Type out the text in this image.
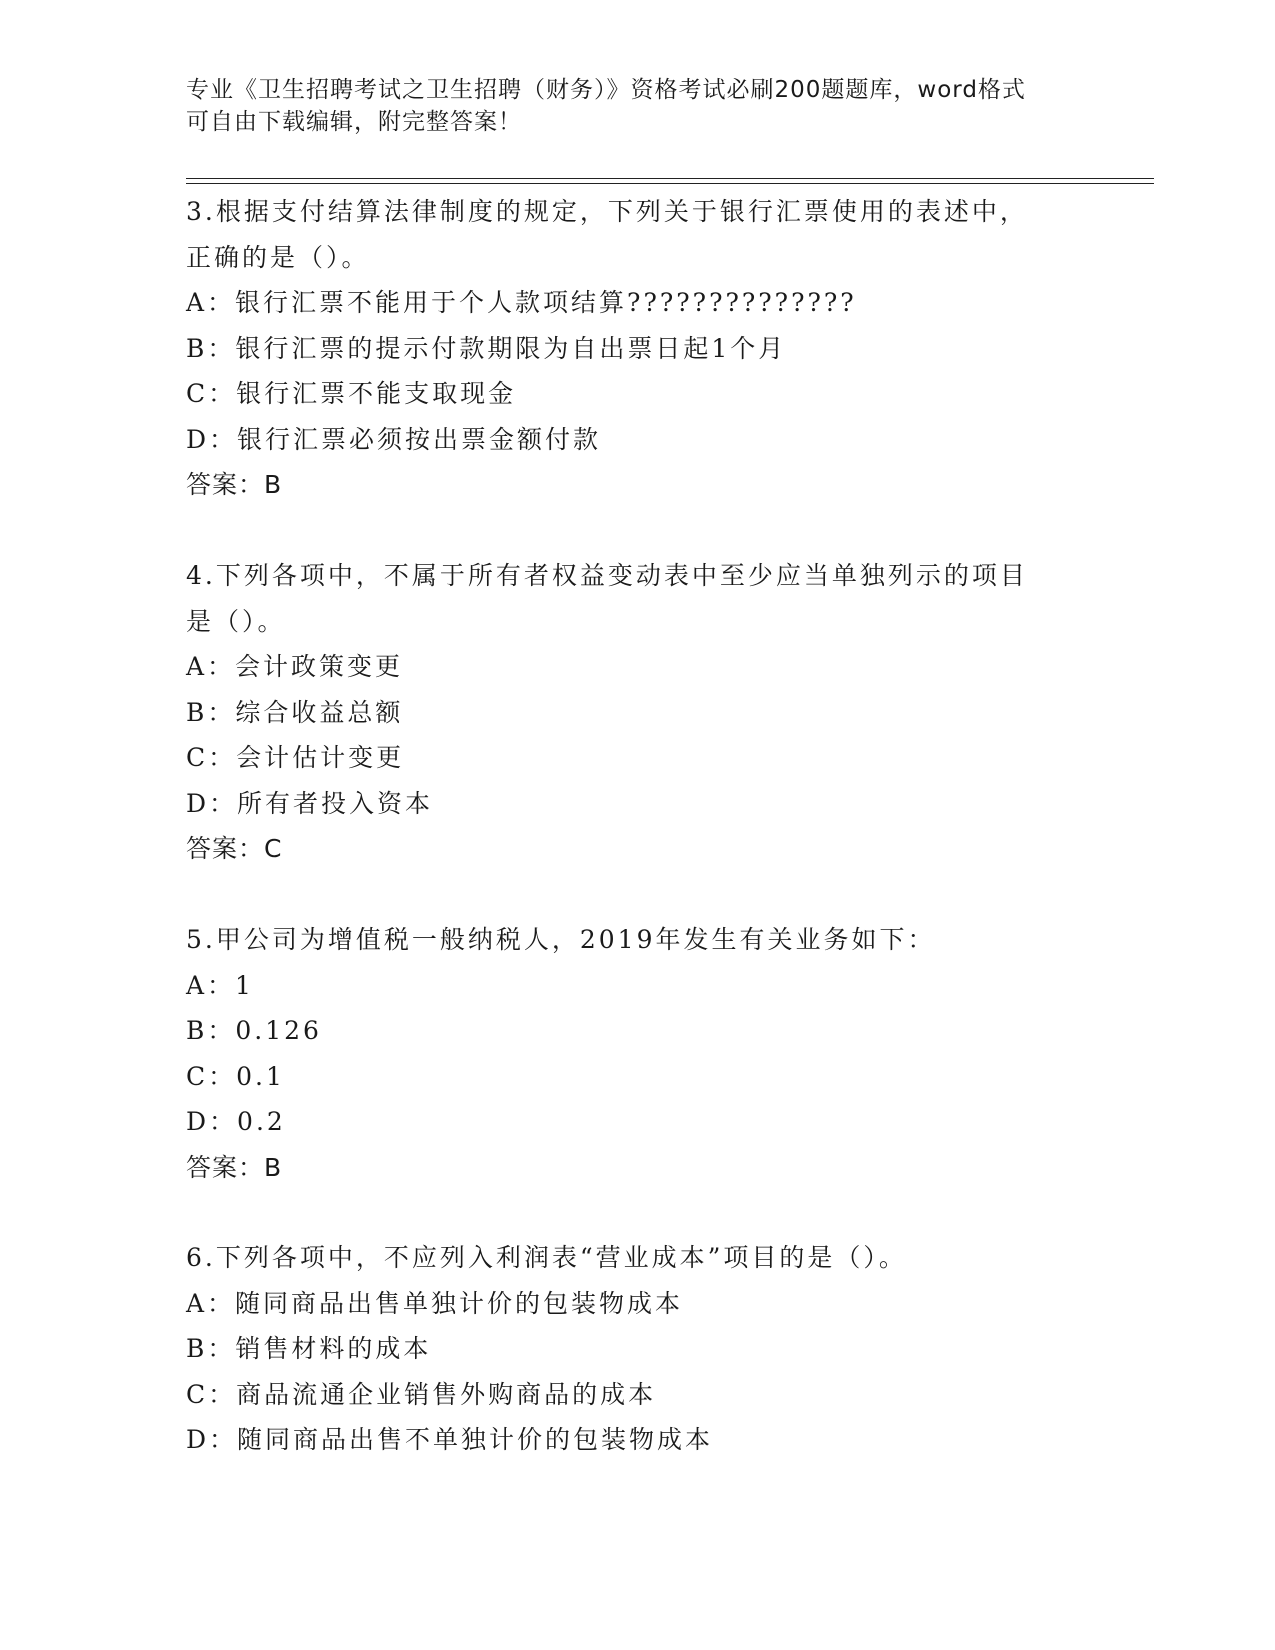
专业《卫生招聘考试之卫生招聘（财务）》资格考试必刷200题题库，word格式
可自由下载编辑，附完整答案！
3.根据支付结算法律制度的规定，下列关于银行汇票使用的表述中，
正确的是（）。
A：银行汇票不能用于个人款项结算??????????????
B：银行汇票的提示付款期限为自出票日起1个月
C：银行汇票不能支取现金
D：银行汇票必须按出票金额付款
答案：B
4.下列各项中，不属于所有者权益变动表中至少应当单独列示的项目
是（）。
A：会计政策变更
B：综合收益总额
C：会计估计变更
D：所有者投入资本
答案：C
5.甲公司为增值税一般纳税人，2019年发生有关业务如下：
A：1
B：0.126
C：0.1
D：0.2
答案：B
6.下列各项中，不应列入利润表“营业成本”项目的是（）。
A：随同商品出售单独计价的包装物成本
B：销售材料的成本
C：商品流通企业销售外购商品的成本
D：随同商品出售不单独计价的包装物成本
